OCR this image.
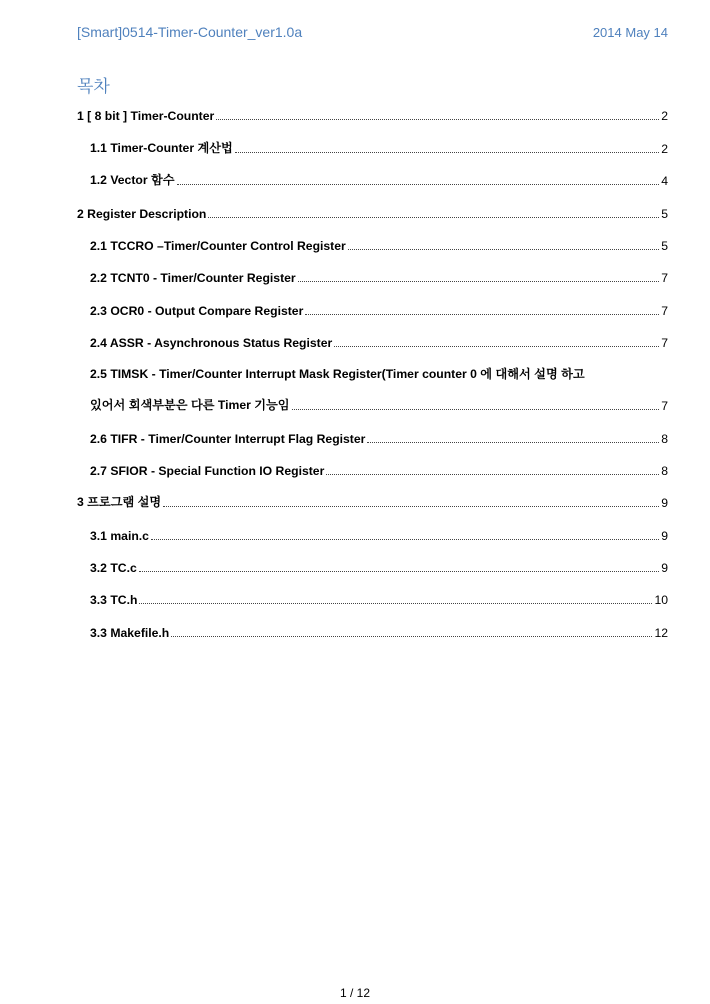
[Smart]0514-Timer-Counter_ver1.0a	2014 May 14
목차
1 [ 8 bit ] Timer-Counter	2
1.1 Timer-Counter 계산법	2
1.2 Vector 함수	4
2 Register Description	5
2.1 TCCRO –Timer/Counter Control Register	5
2.2 TCNT0 - Timer/Counter Register	7
2.3 OCR0 - Output Compare Register	7
2.4 ASSR - Asynchronous Status Register	7
2.5 TIMSK - Timer/Counter Interrupt Mask Register(Timer counter 0 에 대해서 설명 하고
있어서 회색부분은 다른 Timer 기능임	7
2.6 TIFR - Timer/Counter Interrupt Flag Register	8
2.7 SFIOR - Special Function IO Register	8
3 프로그램 설명	9
3.1 main.c	9
3.2 TC.c	9
3.3 TC.h	10
3.3 Makefile.h	12
1 / 12
